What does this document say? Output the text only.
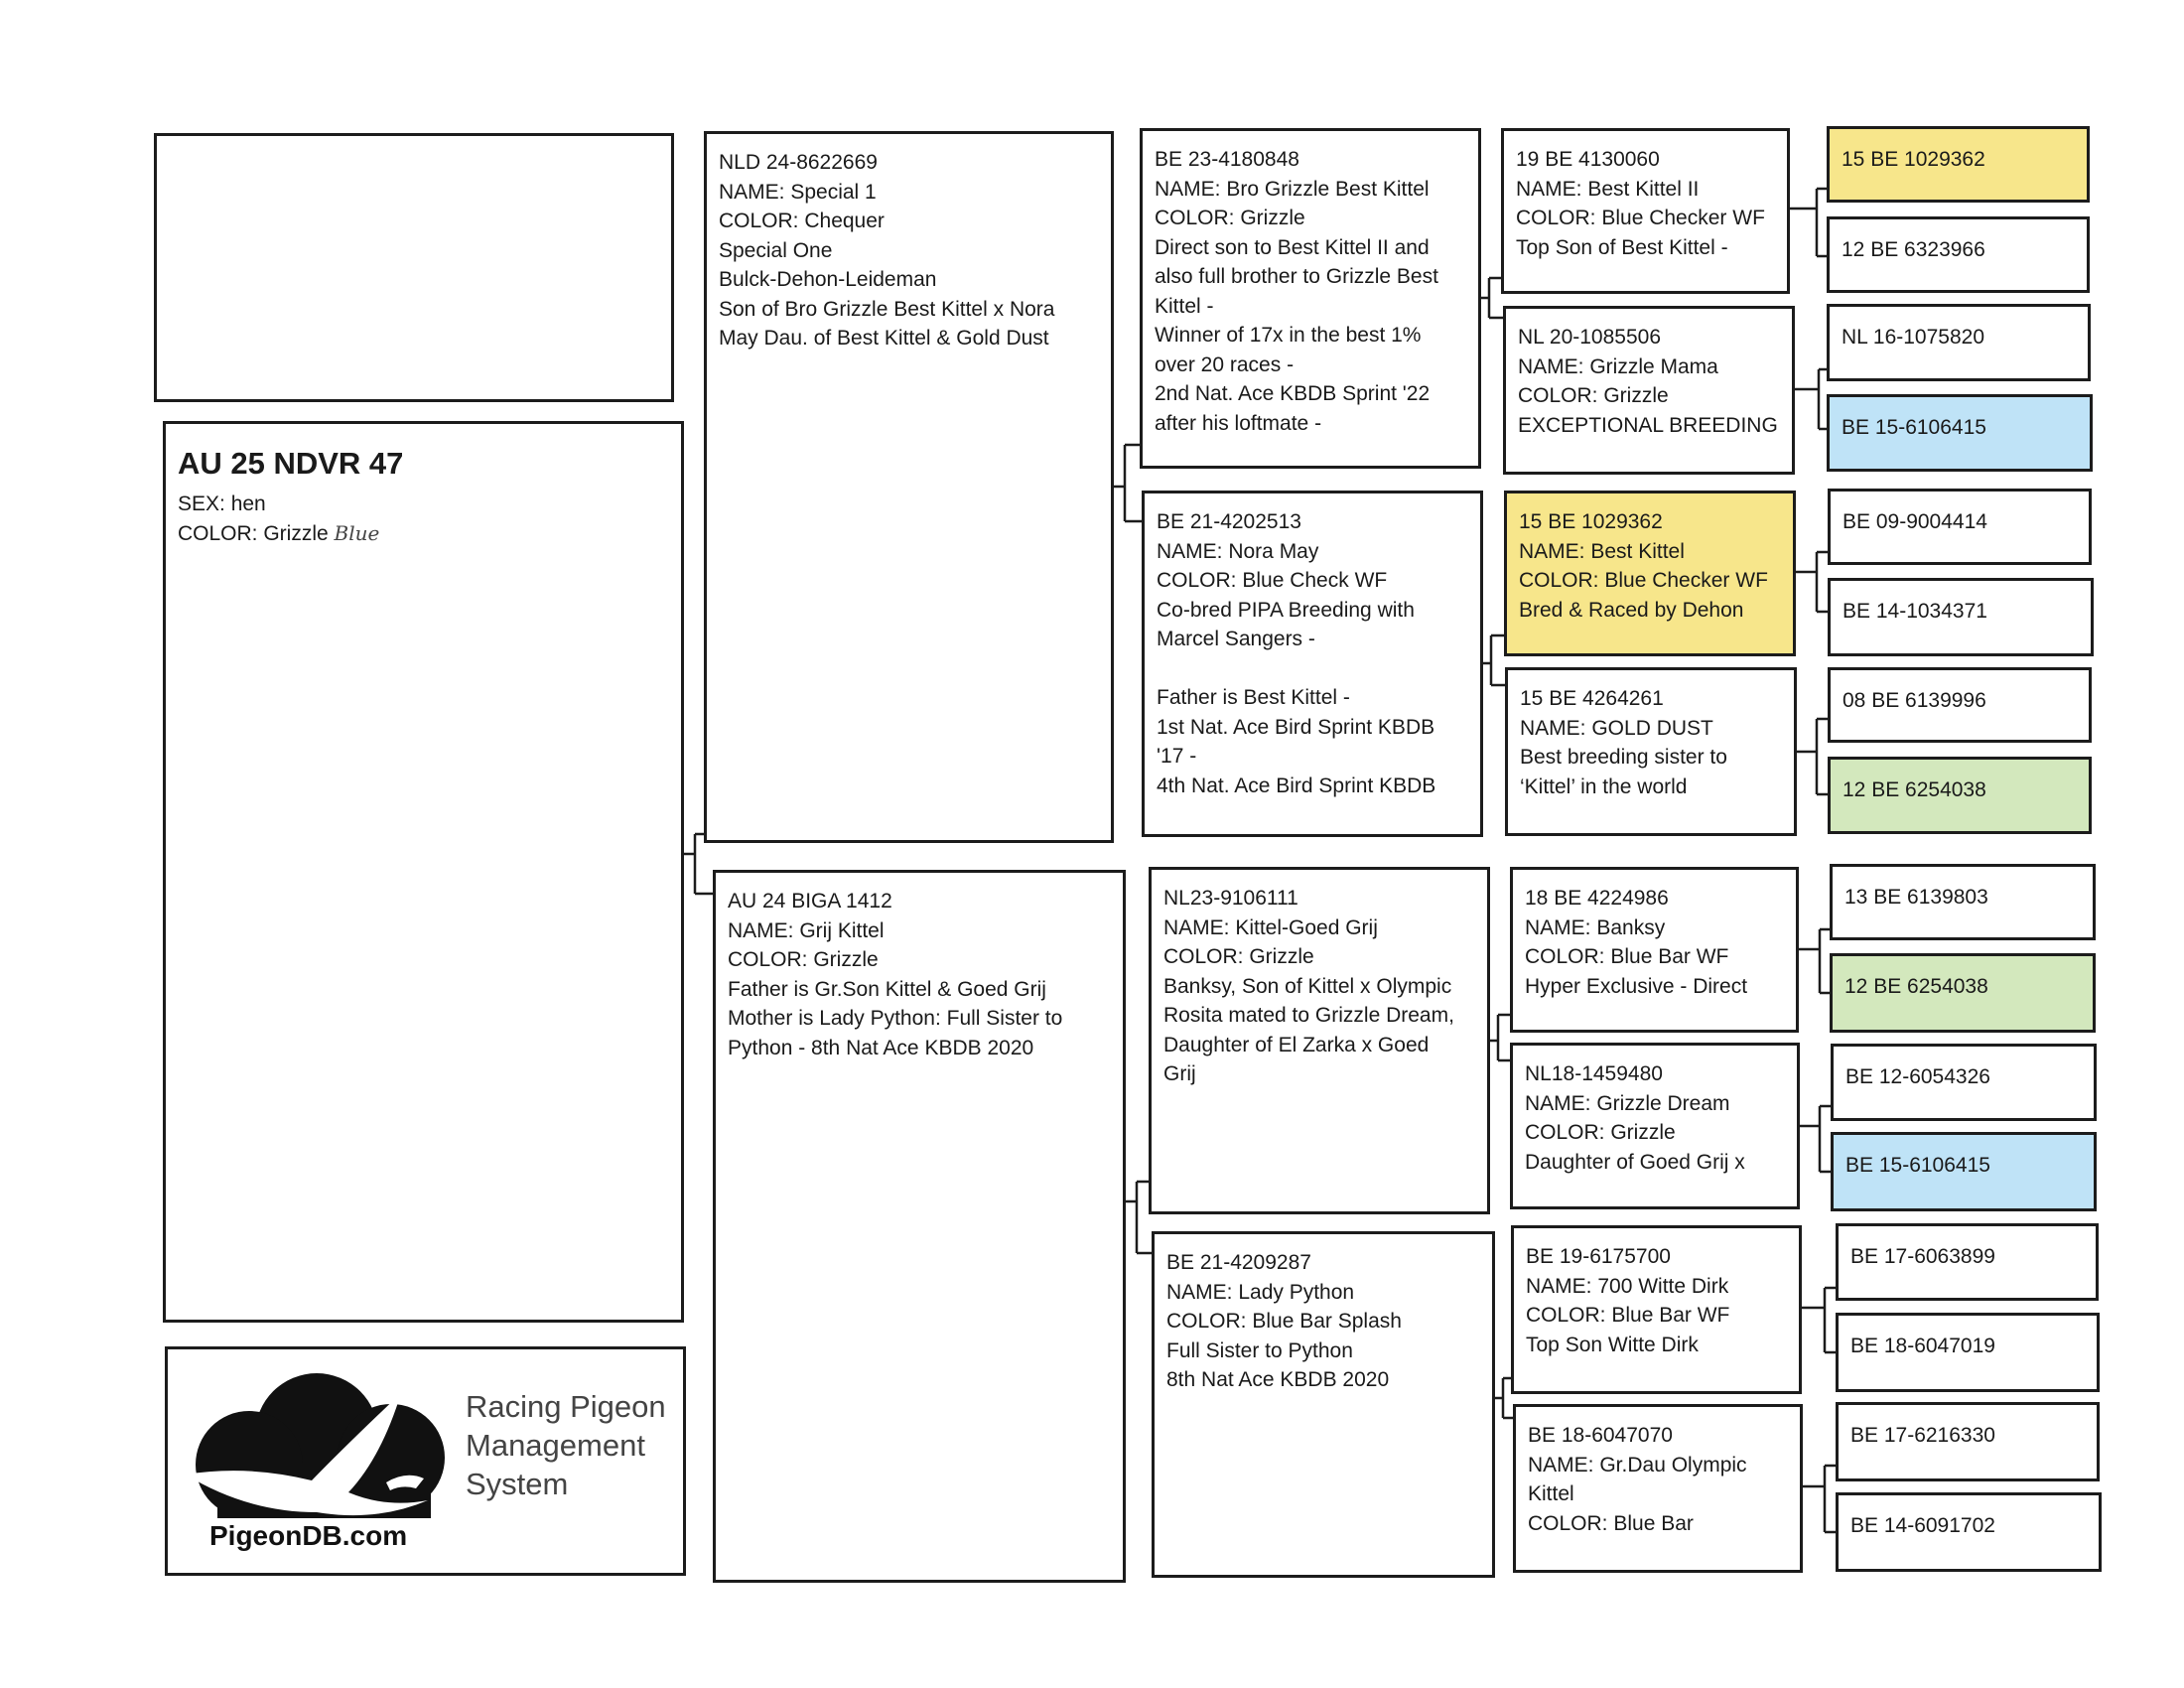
AU 25 NDVR 47
SEX: hen
COLOR: Grizzle Blue
Racing Pigeon
Management
System
PigeonDB.com
NLD 24-8622669
NAME: Special 1
COLOR: Chequer
Special One
Bulck-Dehon-Leideman
Son of Bro Grizzle Best Kittel x Nora
May Dau. of Best Kittel & Gold Dust
AU 24 BIGA 1412
NAME: Grij Kittel
COLOR: Grizzle
Father is Gr.Son Kittel & Goed Grij
Mother is Lady Python: Full Sister to
Python - 8th Nat Ace KBDB 2020
BE 23-4180848
NAME: Bro Grizzle Best Kittel
COLOR: Grizzle
Direct son to Best Kittel II and
also full brother to Grizzle Best
Kittel -
Winner of 17x in the best 1%
over 20 races -
2nd Nat. Ace KBDB Sprint '22
after his loftmate -
BE 21-4202513
NAME: Nora May
COLOR: Blue Check WF
Co-bred PIPA Breeding with
Marcel Sangers -
Father is Best Kittel -
1st Nat. Ace Bird Sprint KBDB
'17 -
4th Nat. Ace Bird Sprint KBDB
NL23-9106111
NAME: Kittel-Goed Grij
COLOR: Grizzle
Banksy, Son of Kittel x Olympic
Rosita mated to Grizzle Dream,
Daughter of El Zarka x Goed
Grij
BE 21-4209287
NAME: Lady Python
COLOR: Blue Bar Splash
Full Sister to Python
8th Nat Ace KBDB 2020
19 BE 4130060
NAME: Best Kittel II
COLOR: Blue Checker WF
Top Son of Best Kittel -
NL 20-1085506
NAME: Grizzle Mama
COLOR: Grizzle
EXCEPTIONAL BREEDING
15 BE 1029362
NAME: Best Kittel
COLOR: Blue Checker WF
Bred & Raced by Dehon
15 BE 4264261
NAME: GOLD DUST
Best breeding sister to
‘Kittel’ in the world
18 BE 4224986
NAME: Banksy
COLOR: Blue Bar WF
Hyper Exclusive - Direct
NL18-1459480
NAME: Grizzle Dream
COLOR: Grizzle
Daughter of Goed Grij x
BE 19-6175700
NAME: 700 Witte Dirk
COLOR: Blue Bar WF
Top Son Witte Dirk
BE 18-6047070
NAME: Gr.Dau Olympic
Kittel
COLOR: Blue Bar
15 BE 1029362
12 BE 6323966
NL 16-1075820
BE 15-6106415
BE 09-9004414
BE 14-1034371
08 BE 6139996
12 BE 6254038
13 BE 6139803
12 BE 6254038
BE 12-6054326
BE 15-6106415
BE 17-6063899
BE 18-6047019
BE 17-6216330
BE 14-6091702
